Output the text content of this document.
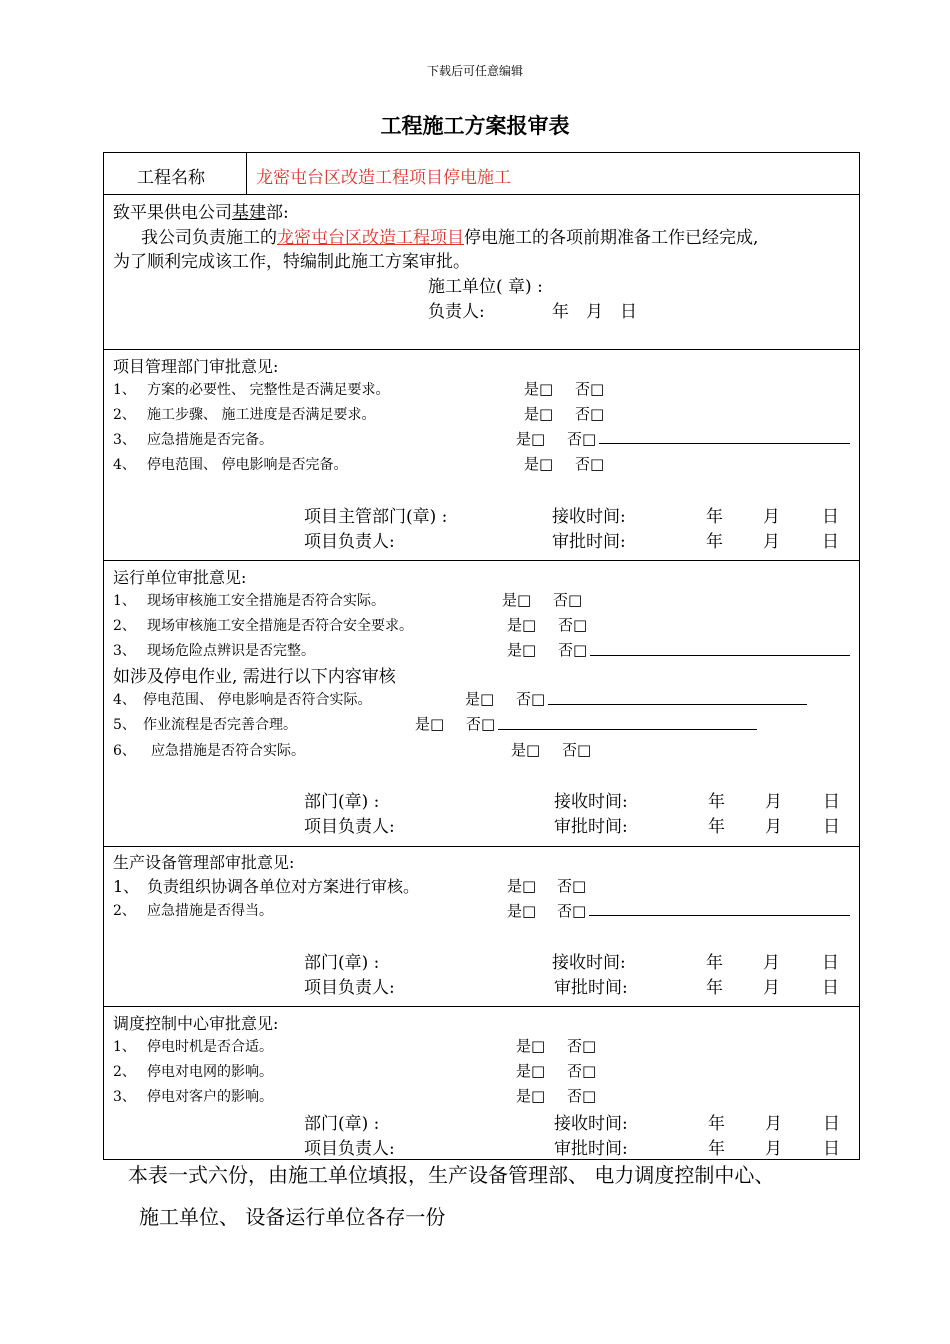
下载后可任意编辑
工程施工方案报审表
工程名称	龙密屯台区改造工程项目停电施工
致平果供电公司基建部:
我公司负责施工的龙密屯台区改造工程项目停电施工的各项前期准备工作已经完成,
为了顺利完成该工作，特编制此施工方案审批。
施工单位( 章) :
负责人:	年　月　日
项目管理部门审批意见:
1、 方案的必要性、 完整性是否满足要求。	是□ 否□
2、 施工步骤、 施工进度是否满足要求。	是□ 否□
3、 应急措施是否完备。	是□ 否□
4、 停电范围、 停电影响是否完备。	是□ 否□
项目主管部门(章) :	接收时间:	年 月 日
项目负责人:	审批时间:	年 月 日
运行单位审批意见:
1、 现场审核施工安全措施是否符合实际。	是□ 否□
2、 现场审核施工安全措施是否符合安全要求。	是□ 否□
3、 现场危险点辨识是否完整。	是□ 否□
如涉及停电作业, 需进行以下内容审核
4、 停电范围、 停电影响是否符合实际。	是□ 否□
5、 作业流程是否完善合理。	是□ 否□
6、 应急措施是否符合实际。	是□ 否□
部门(章) :	接收时间:	年 月 日
项目负责人:	审批时间:	年 月 日
生产设备管理部审批意见:
1、 负责组织协调各单位对方案进行审核。	是□ 否□
2、 应急措施是否得当。	是□ 否□
部门(章) :	接收时间:	年 月 日
项目负责人:	审批时间:	年 月 日
调度控制中心审批意见:
1、 停电时机是否合适。	是□ 否□
2、 停电对电网的影响。	是□ 否□
3、 停电对客户的影响。	是□ 否□
部门(章) :	接收时间:	年 月 日
项目负责人:	审批时间:	年 月 日
本表一式六份，由施工单位填报，生产设备管理部、 电力调度控制中心、
施工单位、 设备运行单位各存一份
